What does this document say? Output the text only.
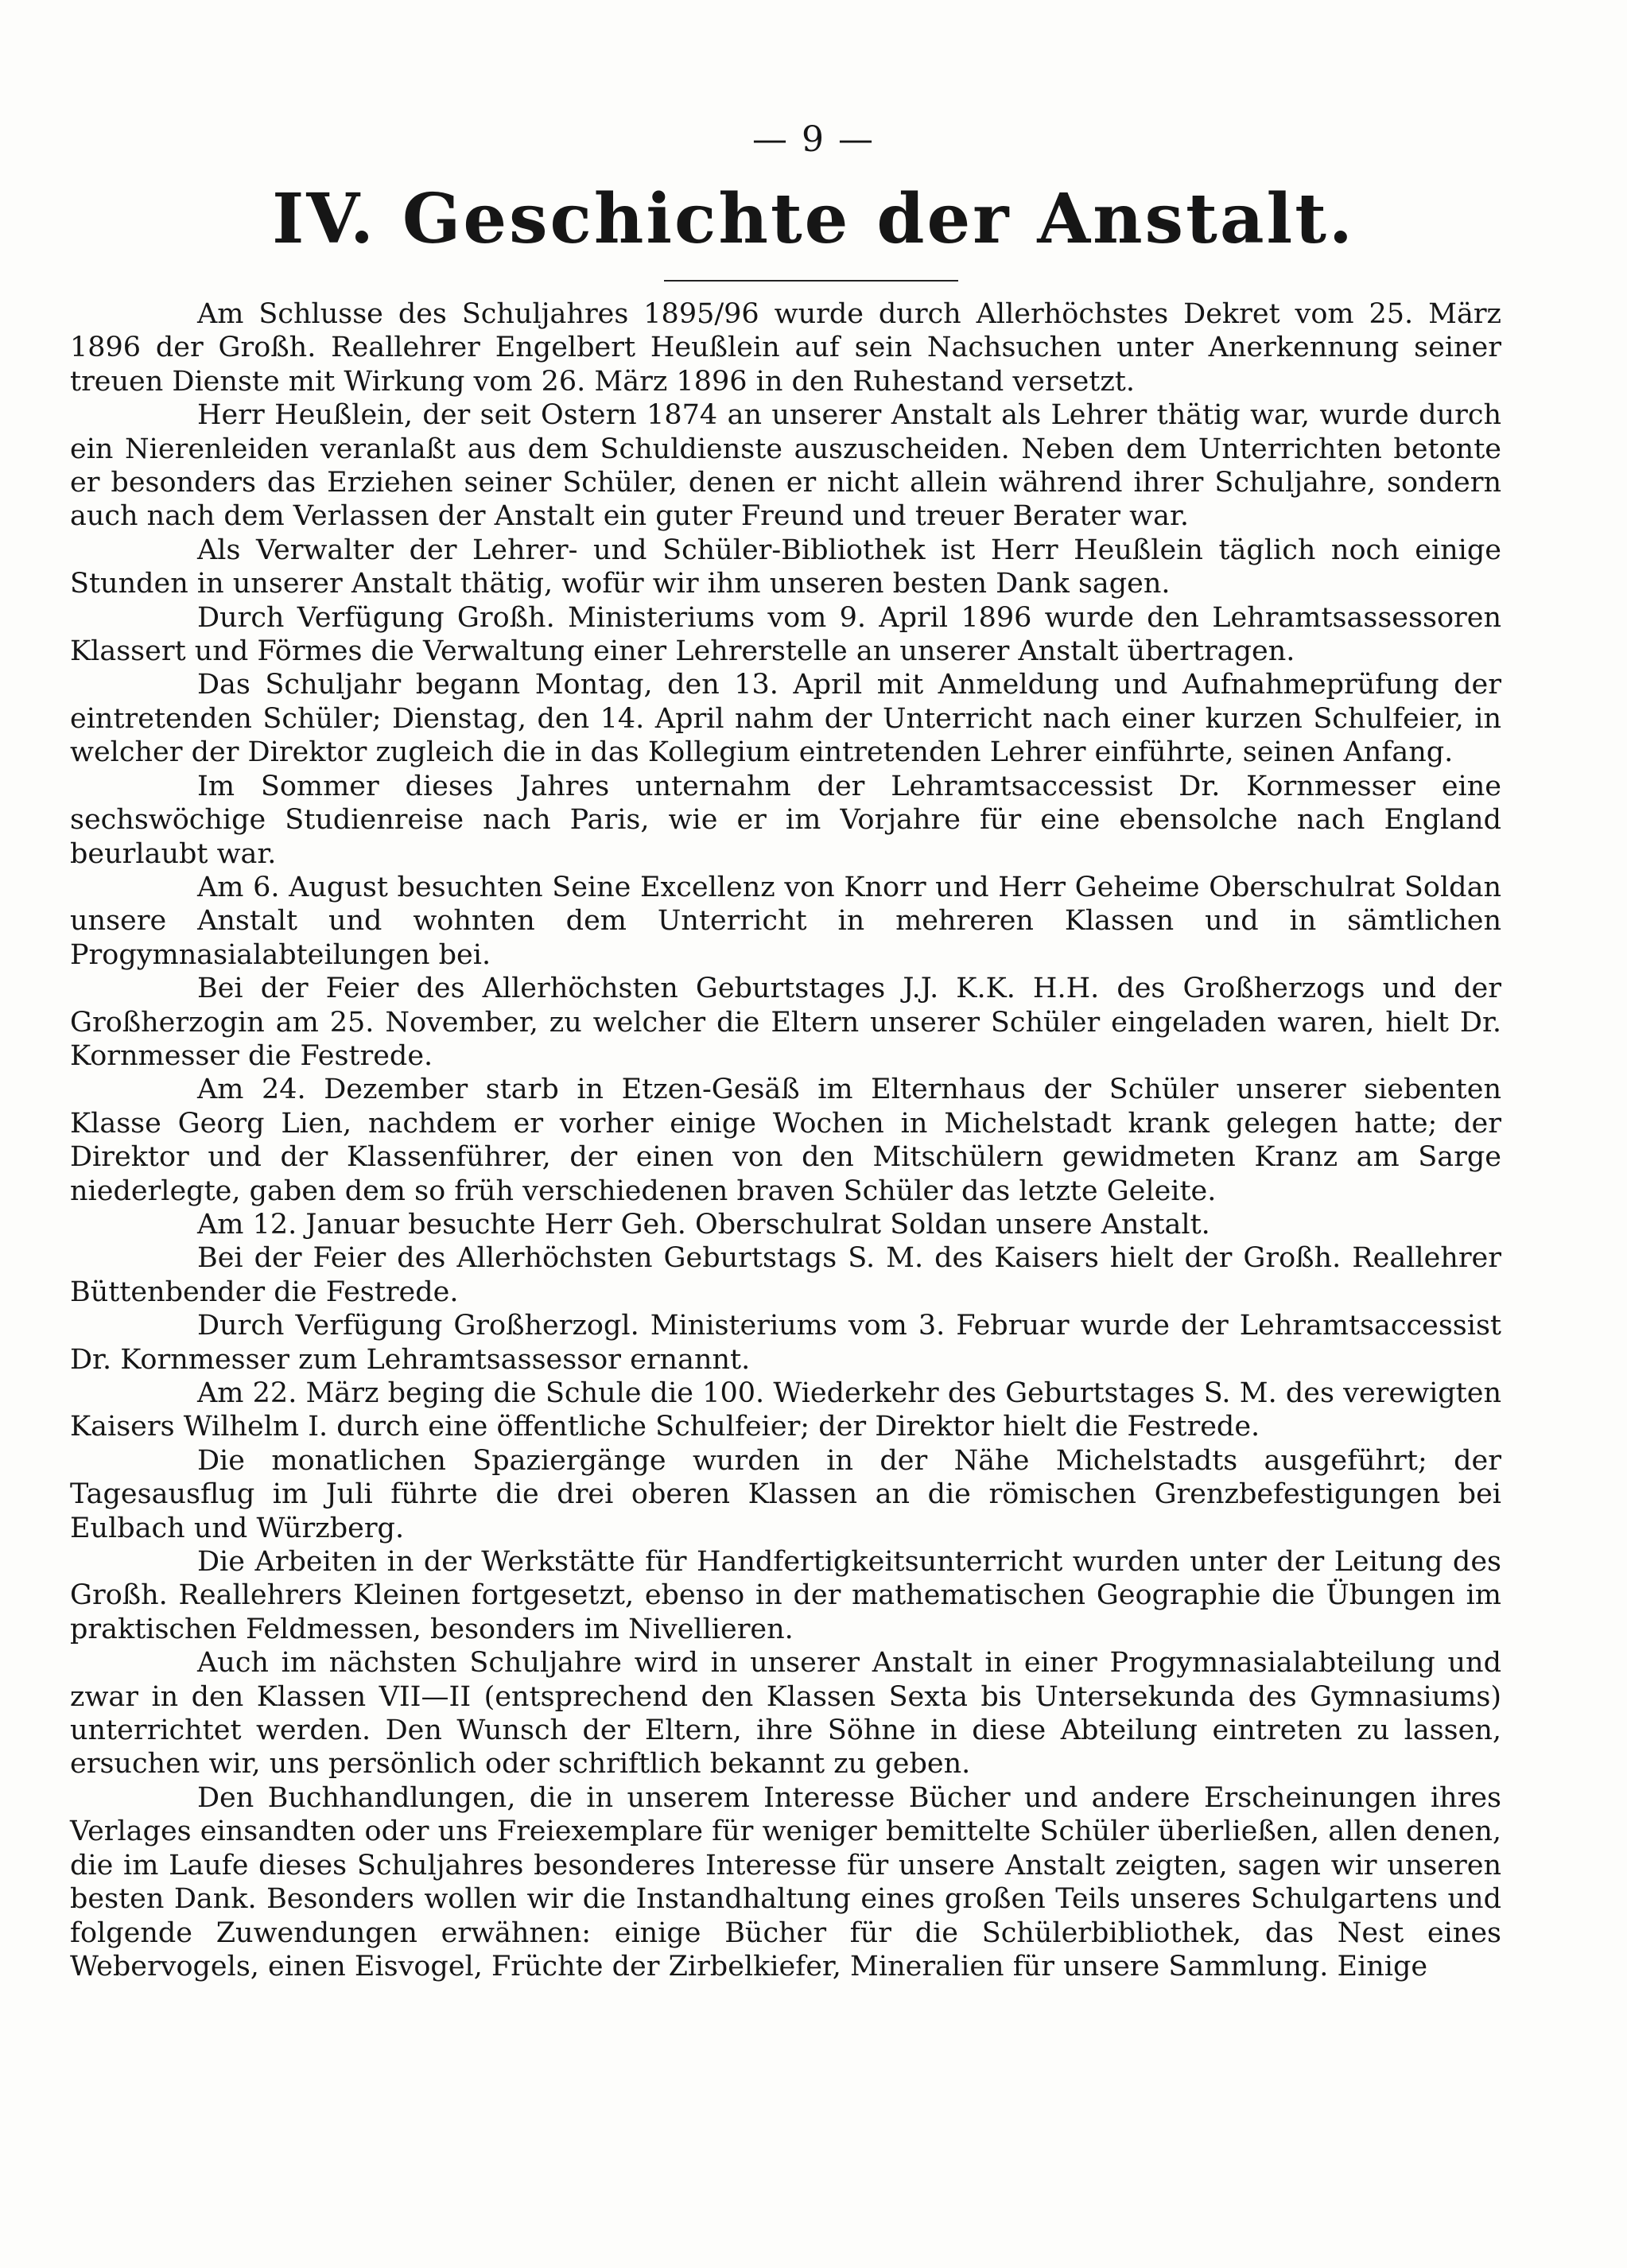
— 9 —
IV. Geschichte der Anstalt.

Am Schlusse des Schuljahres 1895/96 wurde durch Allerhöchstes Dekret vom 25. März 1896 der Großh. Reallehrer Engelbert Heußlein auf sein Nachsuchen unter Anerkennung seiner treuen Dienste mit Wirkung vom 26. März 1896 in den Ruhestand versetzt.

Herr Heußlein, der seit Ostern 1874 an unserer Anstalt als Lehrer thätig war, wurde durch ein Nierenleiden veranlaßt aus dem Schuldienste auszuscheiden. Neben dem Unterrichten betonte er besonders das Erziehen seiner Schüler, denen er nicht allein während ihrer Schuljahre, sondern auch nach dem Verlassen der Anstalt ein guter Freund und treuer Berater war.

Als Verwalter der Lehrer- und Schüler-Bibliothek ist Herr Heußlein täglich noch einige Stunden in unserer Anstalt thätig, wofür wir ihm unseren besten Dank sagen.

Durch Verfügung Großh. Ministeriums vom 9. April 1896 wurde den Lehramtsassessoren Klassert und Förmes die Verwaltung einer Lehrerstelle an unserer Anstalt übertragen.

Das Schuljahr begann Montag, den 13. April mit Anmeldung und Aufnahmeprüfung der eintretenden Schüler; Dienstag, den 14. April nahm der Unterricht nach einer kurzen Schulfeier, in welcher der Direktor zugleich die in das Kollegium eintretenden Lehrer einführte, seinen Anfang.

Im Sommer dieses Jahres unternahm der Lehramtsaccessist Dr. Kornmesser eine sechswöchige Studienreise nach Paris, wie er im Vorjahre für eine ebensolche nach England beurlaubt war.

Am 6. August besuchten Seine Excellenz von Knorr und Herr Geheime Oberschulrat Soldan unsere Anstalt und wohnten dem Unterricht in mehreren Klassen und in sämtlichen Progymnasialabteilungen bei.

Bei der Feier des Allerhöchsten Geburtstages J.J. K.K. H.H. des Großherzogs und der Großherzogin am 25. November, zu welcher die Eltern unserer Schüler eingeladen waren, hielt Dr. Kornmesser die Festrede.

Am 24. Dezember starb in Etzen-Gesäß im Elternhaus der Schüler unserer siebenten Klasse Georg Lien, nachdem er vorher einige Wochen in Michelstadt krank gelegen hatte; der Direktor und der Klassenführer, der einen von den Mitschülern gewidmeten Kranz am Sarge niederlegte, gaben dem so früh verschiedenen braven Schüler das letzte Geleite.

Am 12. Januar besuchte Herr Geh. Oberschulrat Soldan unsere Anstalt.

Bei der Feier des Allerhöchsten Geburtstags S. M. des Kaisers hielt der Großh. Reallehrer Büttenbender die Festrede.

Durch Verfügung Großherzogl. Ministeriums vom 3. Februar wurde der Lehramtsaccessist Dr. Kornmesser zum Lehramtsassessor ernannt.

Am 22. März beging die Schule die 100. Wiederkehr des Geburtstages S. M. des verewigten Kaisers Wilhelm I. durch eine öffentliche Schulfeier; der Direktor hielt die Festrede.

Die monatlichen Spaziergänge wurden in der Nähe Michelstadts ausgeführt; der Tagesausflug im Juli führte die drei oberen Klassen an die römischen Grenzbefestigungen bei Eulbach und Würzberg.

Die Arbeiten in der Werkstätte für Handfertigkeitsunterricht wurden unter der Leitung des Großh. Reallehrers Kleinen fortgesetzt, ebenso in der mathematischen Geographie die Übungen im praktischen Feldmessen, besonders im Nivellieren.

Auch im nächsten Schuljahre wird in unserer Anstalt in einer Progymnasialabteilung und zwar in den Klassen VII—II (entsprechend den Klassen Sexta bis Untersekunda des Gymnasiums) unterrichtet werden. Den Wunsch der Eltern, ihre Söhne in diese Abteilung eintreten zu lassen, ersuchen wir, uns persönlich oder schriftlich bekannt zu geben.

Den Buchhandlungen, die in unserem Interesse Bücher und andere Erscheinungen ihres Verlages einsandten oder uns Freiexemplare für weniger bemittelte Schüler überließen, allen denen, die im Laufe dieses Schuljahres besonderes Interesse für unsere Anstalt zeigten, sagen wir unseren besten Dank. Besonders wollen wir die Instandhaltung eines großen Teils unseres Schulgartens und folgende Zuwendungen erwähnen: einige Bücher für die Schülerbibliothek, das Nest eines Webervogels, einen Eisvogel, Früchte der Zirbelkiefer, Mineralien für unsere Sammlung. Einige
